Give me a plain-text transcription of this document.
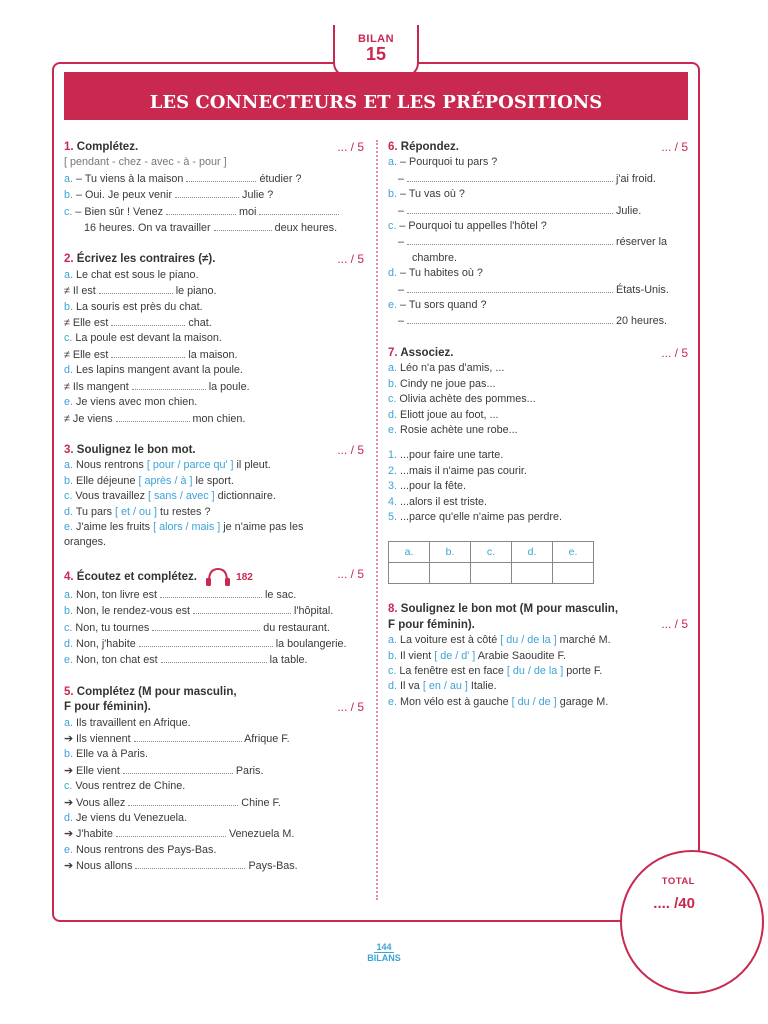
BILAN
15
LES CONNECTEURS ET LES PRÉPOSITIONS
1. Complétez.	... / 5
[ pendant - chez - avec - à - pour ]
a. – Tu viens à la maison	étudier ?
b. – Oui. Je peux venir	Julie ?
c. – Bien sûr ! Venez	moi
16 heures. On va travailler	deux heures.
2. Écrivez les contraires (≠).	... / 5
a. Le chat est sous le piano.
≠ Il est	le piano.
b. La souris est près du chat.
≠ Elle est	chat.
c. La poule est devant la maison.
≠ Elle est	la maison.
d. Les lapins mangent avant la poule.
≠ Ils mangent	la poule.
e. Je viens avec mon chien.
≠ Je viens	mon chien.
3. Soulignez le bon mot.	... / 5
a. Nous rentrons [ pour / parce qu' ] il pleut.
b. Elle déjeune [ après / à ] le sport.
c. Vous travaillez [ sans / avec ] dictionnaire.
d. Tu pars [ et / ou ] tu restes ?
e. J'aime les fruits [ alors / mais ] je n'aime pas les
oranges.
4. Écoutez et complétez.	182	... / 5
a. Non, ton livre est	le sac.
b. Non, le rendez-vous est	l'hôpital.
c. Non, tu tournes	du restaurant.
d. Non, j'habite	la boulangerie.
e. Non, ton chat est	la table.
5. Complétez (M pour masculin,
F pour féminin).	... / 5
a. Ils travaillent en Afrique.
➔ Ils viennent	Afrique F.
b. Elle va à Paris.
➔ Elle vient	Paris.
c. Vous rentrez de Chine.
➔ Vous allez	Chine F.
d. Je viens du Venezuela.
➔ J'habite	Venezuela M.
e. Nous rentrons des Pays-Bas.
➔ Nous allons	Pays-Bas.
6. Répondez.	... / 5
a. – Pourquoi tu pars ?
–	j'ai froid.
b. – Tu vas où ?
–	Julie.
c. – Pourquoi tu appelles l'hôtel ?
–	réserver la
chambre.
d. – Tu habites où ?
–	États-Unis.
e. – Tu sors quand ?
–	20 heures.
7. Associez.	... / 5
a. Léo n'a pas d'amis, ...
b. Cindy ne joue pas...
c. Olivia achète des pommes...
d. Eliott joue au foot, ...
e. Rosie achète une robe...
1. ...pour faire une tarte.
2. ...mais il n'aime pas courir.
3. ...pour la fête.
4. ...alors il est triste.
5. ...parce qu'elle n'aime pas perdre.
a.	b.	c.	d.	e.

8. Soulignez le bon mot (M pour masculin,
F pour féminin).	... / 5
a. La voiture est à côté [ du / de la ] marché M.
b. Il vient [ de / d' ] Arabie Saoudite F.
c. La fenêtre est en face [ du / de la ] porte F.
d. Il va [ en / au ] Italie.
e. Mon vélo est à gauche [ du / de ] garage M.
TOTAL
.... /40
144
BILANS
